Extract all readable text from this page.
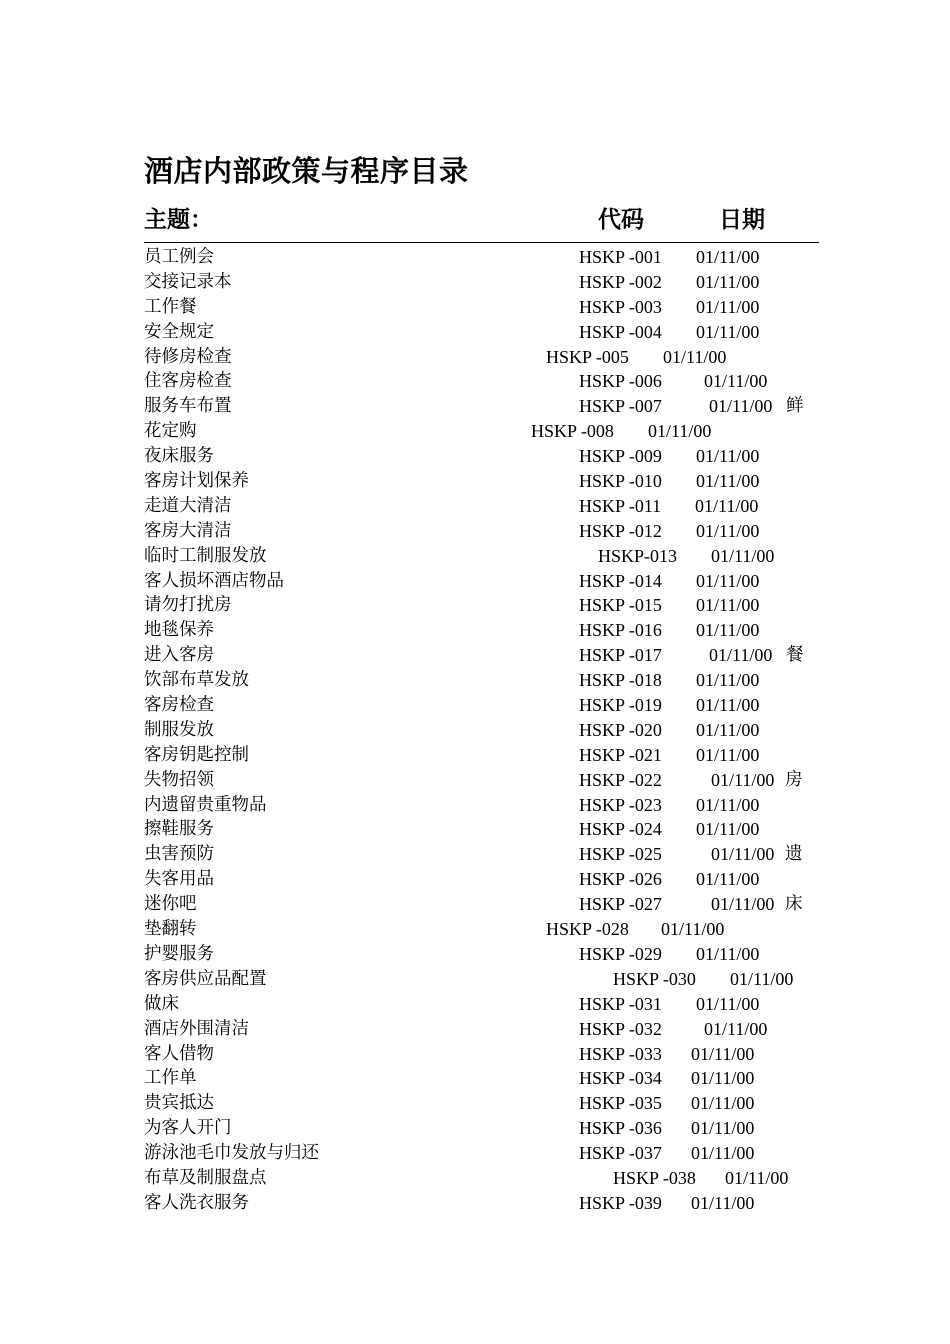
酒店内部政策与程序目录
主题：	代码	日期
员工例会	HSKP -001 01/11/00
交接记录本	HSKP -002 01/11/00
工作餐	HSKP -003 01/11/00
安全规定	HSKP -004 01/11/00
待修房检查	HSKP -005 01/11/00
住客房检查	HSKP -006 01/11/00
服务车布置	HSKP -007	01/11/00 鲜
花定购	HSKP -008 01/11/00
夜床服务	HSKP -009 01/11/00
客房计划保养	HSKP -010 01/11/00
走道大清洁	HSKP -011 01/11/00
客房大清洁	HSKP -012 01/11/00
临时工制服发放	HSKP-013 01/11/00
客人损坏酒店物品	HSKP -014 01/11/00
请勿打扰房	HSKP -015 01/11/00
地毯保养	HSKP -016 01/11/00
进入客房	HSKP -017	01/11/00 餐
饮部布草发放	HSKP -018 01/11/00
客房检查	HSKP -019 01/11/00
制服发放	HSKP -020 01/11/00
客房钥匙控制	HSKP -021 01/11/00
失物招领	HSKP -022	01/11/00 房
内遗留贵重物品	HSKP -023 01/11/00
擦鞋服务	HSKP -024 01/11/00
虫害预防	HSKP -025	01/11/00 遗
失客用品	HSKP -026 01/11/00
迷你吧	HSKP -027	01/11/00 床
垫翻转	HSKP -028 01/11/00
护婴服务	HSKP -029 01/11/00
客房供应品配置	HSKP -030 01/11/00
做床	HSKP -031 01/11/00
酒店外围清洁	HSKP -032 01/11/00
客人借物	HSKP -033 01/11/00
工作单	HSKP -034 01/11/00
贵宾抵达	HSKP -035 01/11/00
为客人开门	HSKP -036 01/11/00
游泳池毛巾发放与归还	HSKP -037 01/11/00
布草及制服盘点	HSKP -038 01/11/00
客人洗衣服务	HSKP -039 01/11/00
